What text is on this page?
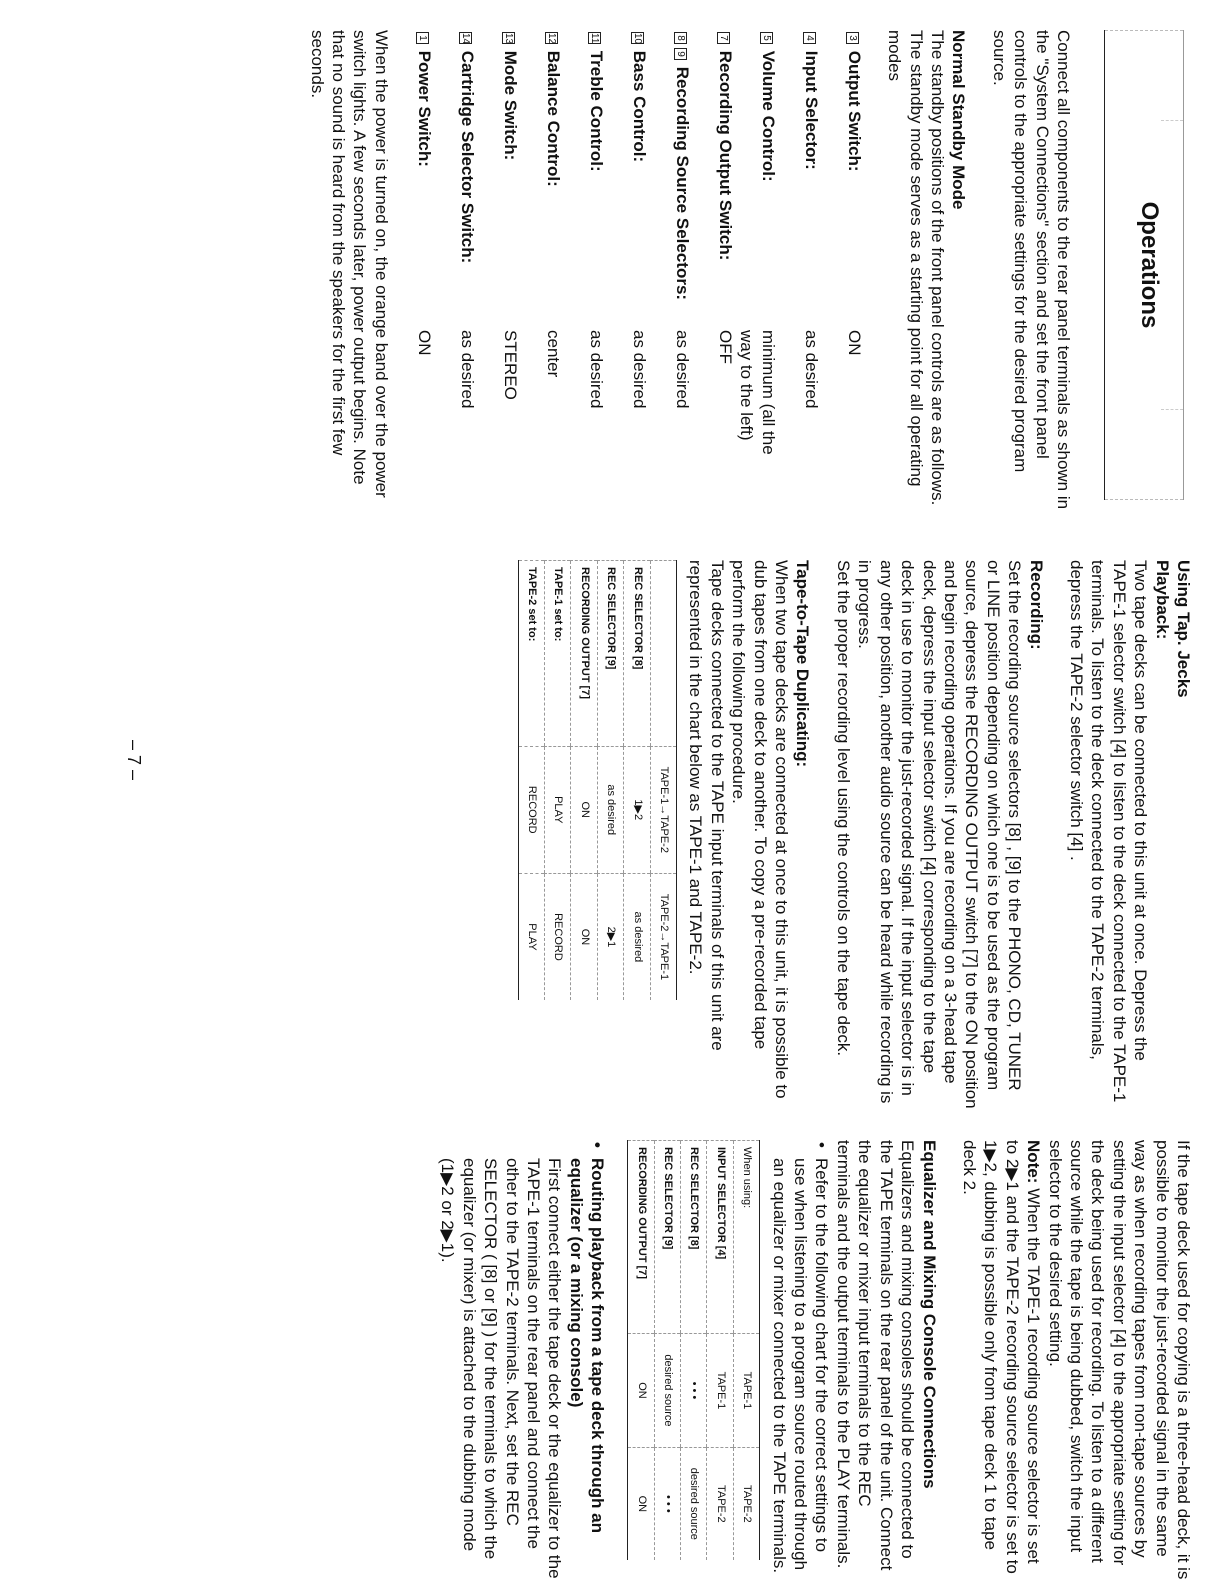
Operations

Connect all components to the rear panel terminals as shown in the "System Connections" section and set the front panel controls to the appropriate settings for the desired program source.

Normal Standby Mode

The standby positions of the front panel controls are as follows. The standby mode serves as a starting point for all operating modes

3 Output Switch:	ON
4 Input Selector:	as desired
5 Volume Control:	minimum (all the way to the left)
7 Recording Output Switch:	OFF
89 Recording Source Selectors:	as desired
10 Bass Control:	as desired
11 Treble Control:	as desired
12 Balance Control:	center
13 Mode Switch:	STEREO
14 Cartridge Selector Switch:	as desired
1 Power Switch:	ON

When the power is turned on, the orange band over the power switch lights. A few seconds later, power output begins. Note that no sound is heard from the speakers for the first few seconds.

Using Tap. Jecks

Playback:

Two tape decks can be connected to this unit at once. Depress the TAPE-1 selector switch [4] to listen to the deck connected to the TAPE-1 terminals. To listen to the deck connected to the TAPE-2 terminals, depress the TAPE-2 selector switch [4] .

Recording:

Set the recording source selectors [8] , [9] to the PHONO, CD, TUNER or LINE position depending on which one is to be used as the program source, depress the RECORDING OUTPUT switch [7] to the ON position and begin recording operations. If you are recording on a 3-head tape deck, depress the input selector switch [4] corresponding to the tape deck in use to monitor the just-recorded signal. If the input selector is in any other position, another audio source can be heard while recording is in progress.

Set the proper recording level using the controls on the tape deck.

Tape-to-Tape Duplicating:

When two tape decks are connected at once to this unit, it is possible to dub tapes from one deck to another. To copy a pre-recorded tape perform the following procedure.

Tape decks connected to the TAPE input terminals of this unit are represented in the chart below as TAPE-1 and TAPE-2.

	TAPE-1→TAPE-2	TAPE-2→TAPE-1
REC SELECTOR [8]	1▶2	as desired
REC SELECTOR [9]	as desired	2▶1
RECORDING OUTPUT [7]	ON	ON
TAPE-1 set to:	PLAY	RECORD
TAPE-2 set to:	RECORD	PLAY

If the tape deck used for copying is a three-head deck, it is possible to monitor the just-recorded signal in the same way as when recording tapes from non-tape sources by setting the input selector [4] to the appropriate setting for the deck being used for recording. To listen to a different source while the tape is being dubbed, switch the input selector to the desired setting.

Note: When the TAPE-1 recording source selector is set to 2▶1 and the TAPE-2 recording source selector is set to 1▶2, dubbing is possible only from tape deck 1 to tape deck 2.

Equalizer and Mixing Console Connections

Equalizers and mixing consoles should be connected to the TAPE terminals on the rear panel of the unit. Connect the equalizer or mixer input terminals to the REC terminals and the output terminals to the PLAY terminals.

• Refer to the following chart for the correct settings to use when listening to a program source routed through an equalizer or mixer connected to the TAPE terminals.

When using:	TAPE-1	TAPE-2
INPUT SELECTOR [4]	TAPE-1	TAPE-2
REC SELECTOR [8]	• • •	desired source
REC SELECTOR [9]	desired source	• • •
RECORDING OUTPUT [7]	ON	ON

• Routing playback from a tape deck through an equalizer (or a mixing console)

First connect either the tape deck or the equalizer to the TAPE-1 terminals on the rear panel and connect the other to the TAPE-2 terminals. Next, set the REC SELECTOR ( [8] or [9] ) for the terminals to which the equalizer (or mixer) is attached to the dubbing mode (1▶2 or 2▶1).

– 7 –
